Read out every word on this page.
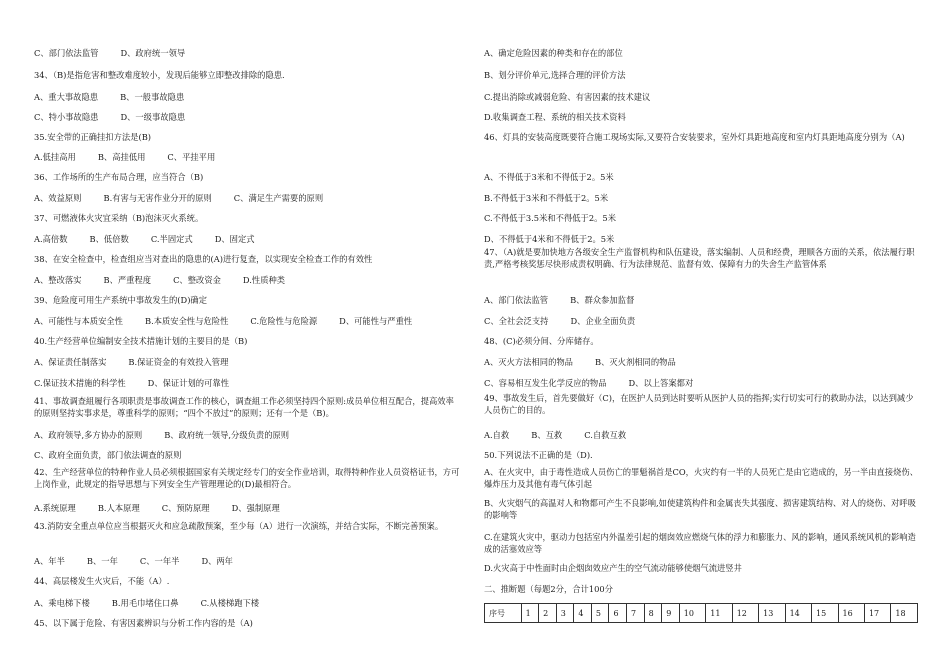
C、部门依法监管	D、政府统一领导
34、（B)是指危害和整改难度较小，发现后能够立即整改排除的隐患.
A、重大事故隐患	B、一般事故隐患
C、特小事故隐患	D、一级事故隐患
35.安全带的正确挂扣方法是(B)
A.低挂高用	B、高挂低用	C、平挂平用
36、工作场所的生产布局合理，应当符合（B)
A、效益原则	B.有害与无害作业分开的原则	C、满足生产需要的原则
37、可燃液体火灾宜采纳（B)泡沫灭火系统。
A.高倍数	B、低倍数	C.半固定式	D、固定式
38、在安全检查中，检查组应当对查出的隐患的(A)进行复查，以实现安全检查工作的有效性
A、整改落实	B、严重程度	C、整改资金	D.性质种类
39、危险度可用生产系统中事故发生的(D)确定
A、可能性与本质安全性	B.本质安全性与危险性	C.危险性与危险源	D、可能性与严重性
40.生产经营单位编制安全技术措施计划的主要目的是（B)
A、保证责任制落实	B.保证资金的有效投入管理
C.保证技术措施的科学性	D、保证计划的可靠性
A、政府领导,多方协办的原则	B、政府统一领导,分级负责的原则
C、政府全面负责，部门依法调查的原则
A.系统原理	B.人本原理	C、预防原理	D、强制原理
A、年半	B、一年	C、一年半	D、两年
44、高层楼发生火灾后，不能（A）.
A、乘电梯下楼	B.用毛巾堵住口鼻	C.从楼梯跑下楼
45、以下属于危险、有害因素辨识与分析工作内容的是（A)
41、事故调查組履行各项职责是事故调查工作的核心，调查組工作必须坚持四个原则:成员单位相互配合，提高效率的原则坚持实事求是，尊重科学的原则；“四个不放过”的原则；还有一个是（B)。
42、生产经营单位的特种作业人员必须根据国家有关规定经专门的安全作业培训，取得特种作业人员资格证书，方可上岗作业，此规定的指导思想与下列安全生产管理理论的(D)最相符合。
43.消防安全重点单位应当根据灭火和应急疏散预案，至少每（A）进行一次演练，并结合实际，不断完善预案。
序号	1	2	3	4	5	6	7	8	9	10	11	12	13	14	15	16	17	18
A、确定危险因素的种类和存在的部位
B、划分评价单元,选择合理的评价方法
C.提出消除或减弱危险、有害因素的技术建议
D.收集调查工程、系统的相关技术资料
A、不得低于3米和不得低于2。5米
B.不得低于3米和不得低于2。5米
C.不得低于3.5米和不得低于2。5米
D、不得低于4米和不得低于2。5米
A、部门依法监管	B、群众参加监督
C、全社会泛支持	D、企业全面负责
48、(C)必须分间、分库储存。
A、灭火方法相同的物品	B、灭火剂相同的物品
C、容易相互发生化学反应的物品	D、以上答案都对
A.自救	B、互救	C.自救互救
50.下列说法不正确的是（D).
二、推断题（每题2分，合计100分
46、灯具的安装高度既要符合施工現场实际,又要符合安装要求，室外灯具距地高度和室内灯具距地高度分别为（A)
47、（A)就是要加快地方各级安全生产监督机构和队伍建设，落实编制、人员和经费，理顺各方面的关系，依法履行职责,严格考核奖惩尽快形成责权明确、行为法律规范、监督有效、保障有力的失舍生产监管体系
49、事故发生后，首先要做好（C)，在医护人员到达时要听从医护人员的指挥;实行切实可行的救助办法，以达到减少人员伤亡的目的。
A、在火灾中，由于毒性造成人员伤亡的罪魁祸首是CO，火灾约有一半的人员死亡是由它造成的，另一半由直接烧伤、爆炸压力及其他有毒气体引起
B、火灾烟气的高温对人和物都可产生不良影响,如使建筑构件和金属丧失其强度、损害建筑结构、对人的烧伤、对呼吸的影响等
C.在建筑火灾中，驱动力包括室内外温差引起的烟囱效应燃烧气体的浮力和膨胀力、风的影响，通风系统风机的影响造成的活塞效应等
D.火灾高于中性面时由企烟囱效应产生的空气流动能够使烟气流进竖井
